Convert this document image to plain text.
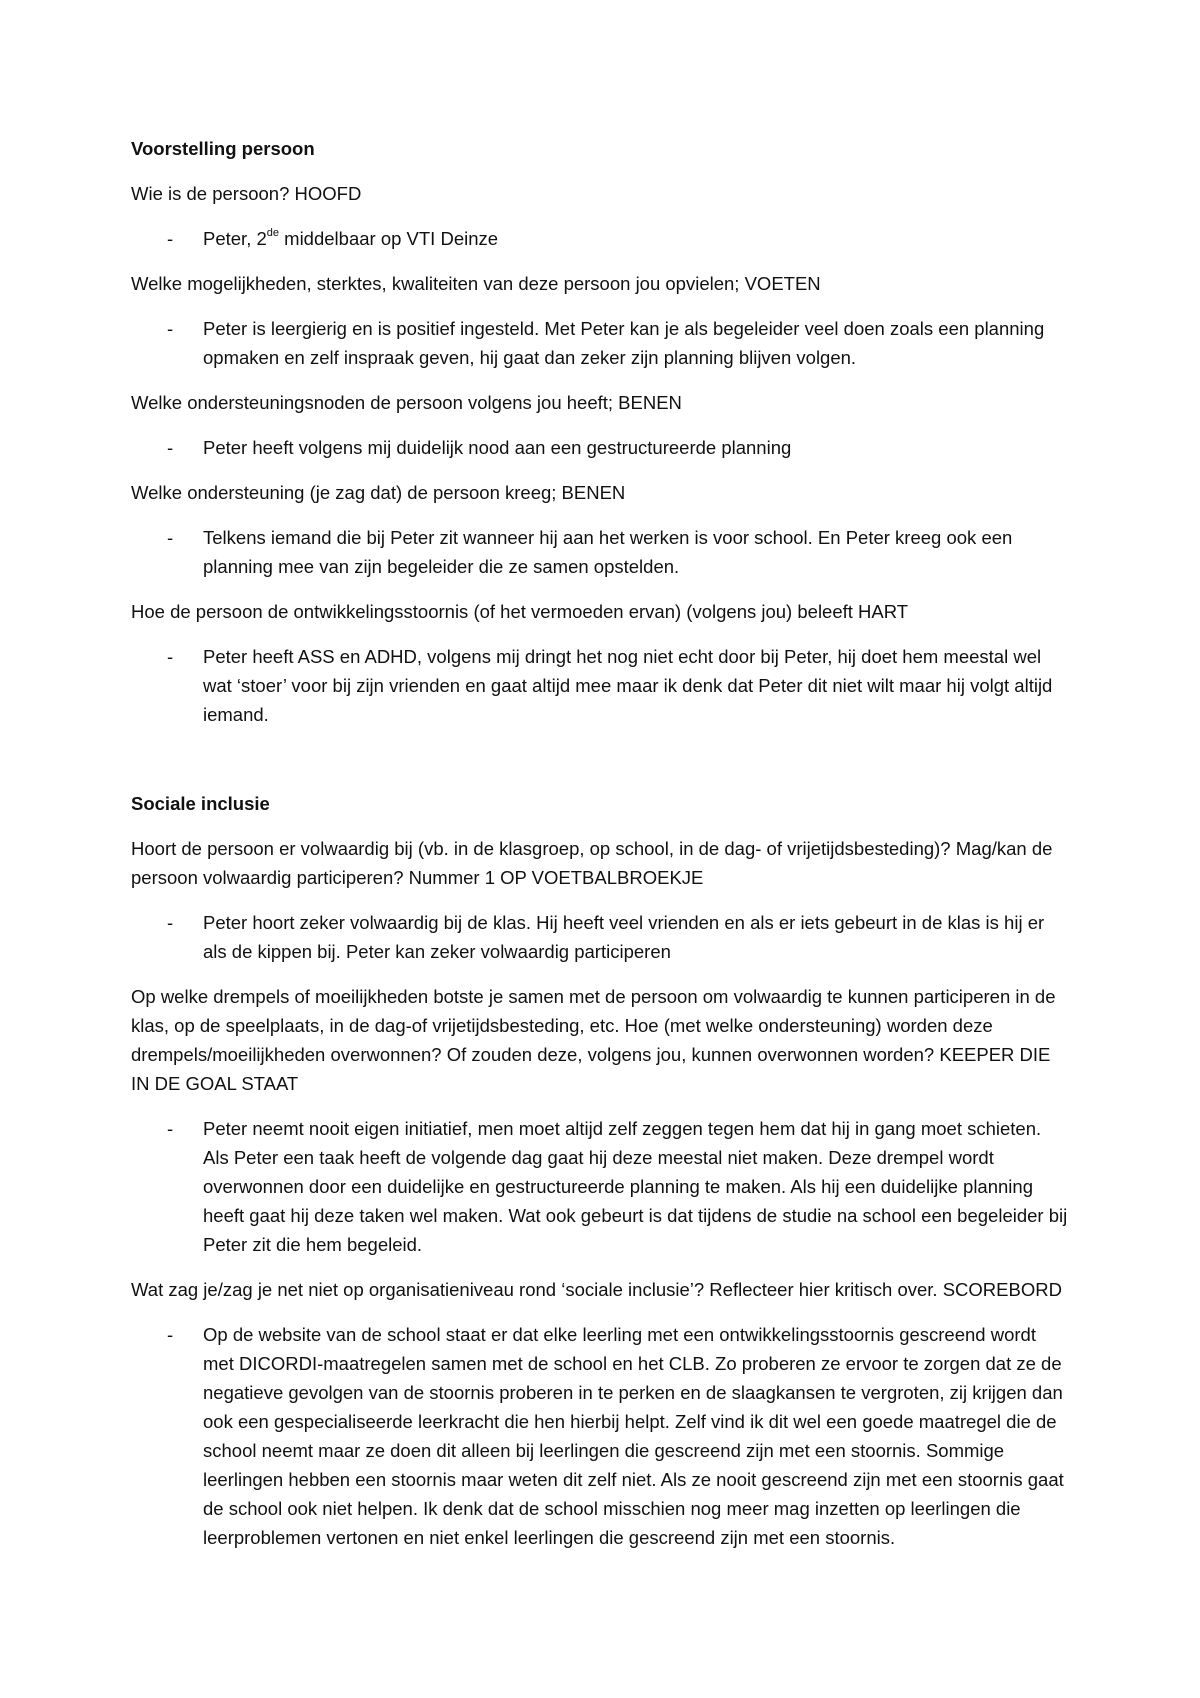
Voorstelling persoon
Wie is de persoon? HOOFD
- Peter, 2de middelbaar op VTI Deinze
Welke mogelijkheden, sterktes, kwaliteiten van deze persoon jou opvielen; VOETEN
- Peter is leergierig en is positief ingesteld. Met Peter kan je als begeleider veel doen zoals een planning opmaken en zelf inspraak geven, hij gaat dan zeker zijn planning blijven volgen.
Welke ondersteuningsnoden de persoon volgens jou heeft; BENEN
- Peter heeft volgens mij duidelijk nood aan een gestructureerde planning
Welke ondersteuning (je zag dat) de persoon kreeg; BENEN
- Telkens iemand die bij Peter zit wanneer hij aan het werken is voor school. En Peter kreeg ook een planning mee van zijn begeleider die ze samen opstelden.
Hoe de persoon de ontwikkelingsstoornis (of het vermoeden ervan) (volgens jou) beleeft HART
- Peter heeft ASS en ADHD, volgens mij dringt het nog niet echt door bij Peter, hij doet hem meestal wel wat ‘stoer’ voor bij zijn vrienden en gaat altijd mee maar ik denk dat Peter dit niet wilt maar hij volgt altijd iemand.
Sociale inclusie
Hoort de persoon er volwaardig bij (vb. in de klasgroep, op school, in de dag- of vrijetijdsbesteding)? Mag/kan de persoon volwaardig participeren? Nummer 1 OP VOETBALBROEKJE
- Peter hoort zeker volwaardig bij de klas. Hij heeft veel vrienden en als er iets gebeurt in de klas is hij er als de kippen bij. Peter kan zeker volwaardig participeren
Op welke drempels of moeilijkheden botste je samen met de persoon om volwaardig te kunnen participeren in de klas, op de speelplaats, in de dag-of vrijetijdsbesteding, etc. Hoe (met welke ondersteuning) worden deze drempels/moeilijkheden overwonnen? Of zouden deze, volgens jou, kunnen overwonnen worden? KEEPER DIE IN DE GOAL STAAT
- Peter neemt nooit eigen initiatief, men moet altijd zelf zeggen tegen hem dat hij in gang moet schieten. Als Peter een taak heeft de volgende dag gaat hij deze meestal niet maken. Deze drempel wordt overwonnen door een duidelijke en gestructureerde planning te maken. Als hij een duidelijke planning heeft gaat hij deze taken wel maken. Wat ook gebeurt is dat tijdens de studie na school een begeleider bij Peter zit die hem begeleid.
Wat zag je/zag je net niet op organisatieniveau rond ‘sociale inclusie’? Reflecteer hier kritisch over. SCOREBORD
- Op de website van de school staat er dat elke leerling met een ontwikkelingsstoornis gescreend wordt met DICORDI-maatregelen samen met de school en het CLB. Zo proberen ze ervoor te zorgen dat ze de negatieve gevolgen van de stoornis proberen in te perken en de slaagkansen te vergroten, zij krijgen dan ook een gespecialiseerde leerkracht die hen hierbij helpt. Zelf vind ik dit wel een goede maatregel die de school neemt maar ze doen dit alleen bij leerlingen die gescreend zijn met een stoornis. Sommige leerlingen hebben een stoornis maar weten dit zelf niet. Als ze nooit gescreend zijn met een stoornis gaat de school ook niet helpen. Ik denk dat de school misschien nog meer mag inzetten op leerlingen die leerproblemen vertonen en niet enkel leerlingen die gescreend zijn met een stoornis.
